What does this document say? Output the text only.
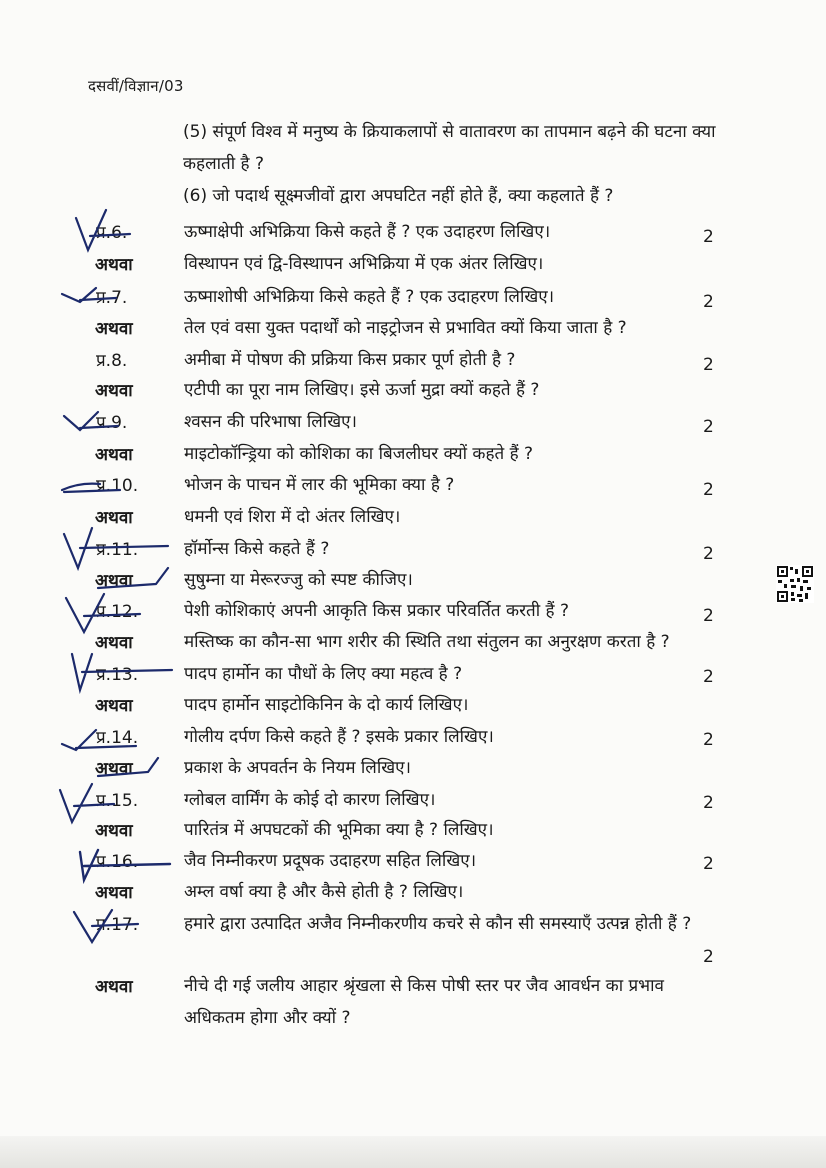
दसवीं/विज्ञान/03
(5) संपूर्ण विश्व में मनुष्य के क्रियाकलापों से वातावरण का तापमान बढ़ने की घटना क्या कहलाती है ?
(6) जो पदार्थ सूक्ष्मजीवों द्वारा अपघटित नहीं होते हैं, क्या कहलाते हैं ?
प्र.6.	ऊष्माक्षेपी अभिक्रिया किसे कहते हैं ? एक उदाहरण लिखिए।	2
अथवा	विस्थापन एवं द्वि-विस्थापन अभिक्रिया में एक अंतर लिखिए।
प्र.7.	ऊष्माशोषी अभिक्रिया किसे कहते हैं ? एक उदाहरण लिखिए।	2
अथवा	तेल एवं वसा युक्त पदार्थों को नाइट्रोजन से प्रभावित क्यों किया जाता है ?
प्र.8.	अमीबा में पोषण की प्रक्रिया किस प्रकार पूर्ण होती है ?	2
अथवा	एटीपी का पूरा नाम लिखिए। इसे ऊर्जा मुद्रा क्यों कहते हैं ?
प्र.9.	श्वसन की परिभाषा लिखिए।	2
अथवा	माइटोकॉन्ड्रिया को कोशिका का बिजलीघर क्यों कहते हैं ?
प्र.10.	भोजन के पाचन में लार की भूमिका क्या है ?	2
अथवा	धमनी एवं शिरा में दो अंतर लिखिए।
प्र.11.	हॉर्मोन्स किसे कहते हैं ?	2
अथवा	सुषुम्ना या मेरूरज्जु को स्पष्ट कीजिए।
प्र.12.	पेशी कोशिकाएं अपनी आकृति किस प्रकार परिवर्तित करती हैं ?	2
अथवा	मस्तिष्क का कौन-सा भाग शरीर की स्थिति तथा संतुलन का अनुरक्षण करता है ?
प्र.13.	पादप हार्मोन का पौधों के लिए क्या महत्व है ?	2
अथवा	पादप हार्मोन साइटोकिनिन के दो कार्य लिखिए।
प्र.14.	गोलीय दर्पण किसे कहते हैं ? इसके प्रकार लिखिए।	2
अथवा	प्रकाश के अपवर्तन के नियम लिखिए।
प्र.15.	ग्लोबल वार्मिंग के कोई दो कारण लिखिए।	2
अथवा	पारितंत्र में अपघटकों की भूमिका क्या है ? लिखिए।
प्र.16.	जैव निम्नीकरण प्रदूषक उदाहरण सहित लिखिए।	2
अथवा	अम्ल वर्षा क्या है और कैसे होती है ? लिखिए।
प्र.17.	हमारे द्वारा उत्पादित अजैव निम्नीकरणीय कचरे से कौन सी समस्याएँ उत्पन्न होती हैं ?
2
अथवा	नीचे दी गई जलीय आहार श्रृंखला से किस पोषी स्तर पर जैव आवर्धन का प्रभाव अधिकतम होगा और क्यों ?
